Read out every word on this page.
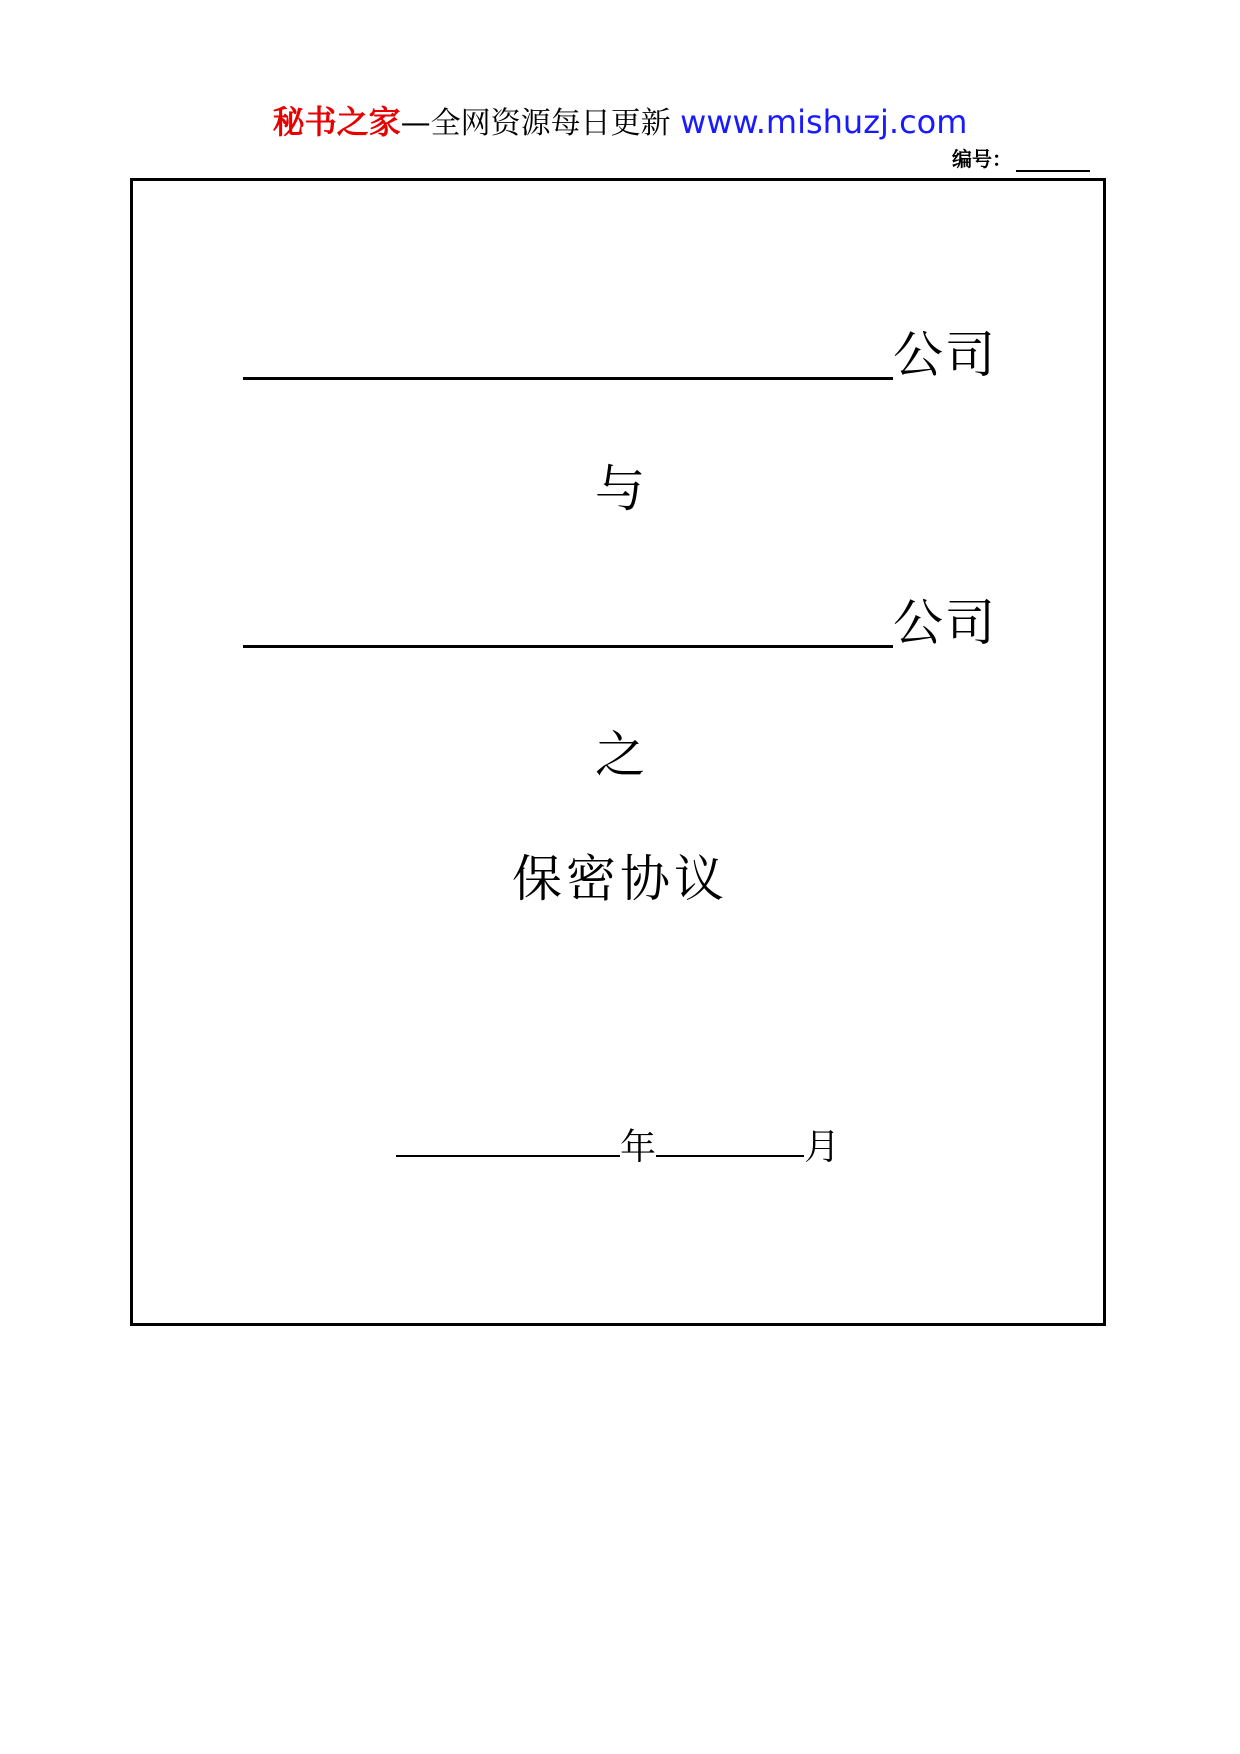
秘书之家—全网资源每日更新 www.mishuzj.com
编号：
公司
与
公司
之
保密协议
年	月
